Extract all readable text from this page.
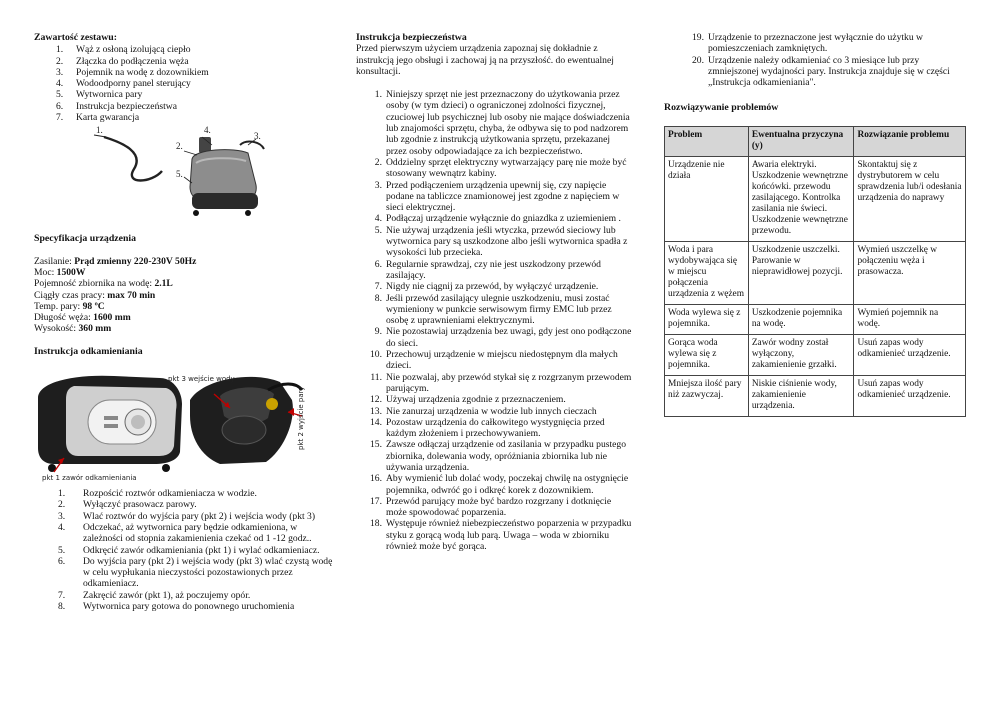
Zawartość zestawu:
1. Wąż z osłoną izolującą ciepło
2. Złączka do podłączenia węża
3. Pojemnik na wodę z dozownikiem
4. Wodoodporny panel sterujący
5. Wytwornica pary
6. Instrukcja bezpieczeństwa
7. Karta gwarancja
1.
2.
3.
4.
5.
Specyfikacja urządzenia

Zasilanie: Prąd zmienny 220-230V 50Hz

Moc: 1500W

Pojemność zbiornika na wodę: 2.1L

Ciągły czas pracy: max 70 min

Temp. pary: 98 ºC

Długość węża: 1600 mm

Wysokość: 360 mm

Instrukcja odkamieniania
pkt 3 wejście wody
pkt 2 wyjście pary
pkt 1 zawór odkamieniania
1. Rozpościć roztwór odkamieniacza w wodzie.
2. Wyłączyć prasowacz parowy.
3. Wlać roztwór do wyjścia pary (pkt 2) i wejścia wody (pkt 3)
4. Odczekać, aż wytwornica pary będzie odkamieniona, w zależności od stopnia zakamienienia czekać od 1 -12 godz..
5. Odkręcić zawór odkamieniania (pkt 1) i wylać odkamieniacz.
6. Do wyjścia pary (pkt 2) i wejścia wody (pkt 3) wlać czystą wodę w celu wypłukania nieczystości pozostawionych przez odkamieniacz.
7. Zakręcić zawór (pkt 1), aż poczujemy opór.
8. Wytwornica pary gotowa do ponownego uruchomienia
Instrukcja bezpieczeństwa

Przed pierwszym użyciem urządzenia zapoznaj się dokładnie z instrukcją jego obsługi i zachowaj ją na przyszłość. do ewentualnej konsultacji.

1. Niniejszy sprzęt nie jest przeznaczony do użytkowania przez osoby (w tym dzieci) o ograniczonej zdolności fizycznej, czuciowej lub psychicznej lub osoby nie mające doświadczenia lub znajomości sprzętu, chyba, że odbywa się to pod nadzorem lub zgodnie z instrukcją użytkowania sprzętu, przekazanej przez osoby odpowiadające za ich bezpieczeństwo.
2. Oddzielny sprzęt elektryczny wytwarzający parę nie może być stosowany wewnątrz kabiny.
3. Przed podłączeniem urządzenia upewnij się, czy napięcie podane na tabliczce znamionowej jest zgodne z napięciem w sieci elektrycznej.
4. Podłączaj urządzenie wyłącznie do gniazdka z uziemieniem .
5. Nie używaj urządzenia jeśli wtyczka, przewód sieciowy lub wytwornica pary są uszkodzone albo jeśli wytwornica spadła z wysokości lub przecieka.
6. Regularnie sprawdzaj, czy nie jest uszkodzony przewód zasilający.
7. Nigdy nie ciągnij za przewód, by wyłączyć urządzenie.
8. Jeśli przewód zasilający ulegnie uszkodzeniu, musi zostać wymieniony w punkcie serwisowym firmy EMC lub przez osobę z uprawnieniami elektrycznymi.
9. Nie pozostawiaj urządzenia bez uwagi, gdy jest ono podłączone do sieci.
10. Przechowuj urządzenie w miejscu niedostępnym dla małych dzieci.
11. Nie pozwalaj, aby przewód stykał się z rozgrzanym przewodem parującym.
12. Używaj urządzenia zgodnie z przeznaczeniem.
13. Nie zanurzaj urządzenia w wodzie lub innych cieczach
14. Pozostaw urządzenia do całkowitego wystygnięcia przed każdym złożeniem i przechowywaniem.
15. Zawsze odłączaj urządzenie od zasilania w przypadku pustego zbiornika, dolewania wody, opróżniania zbiornika lub nie używania urządzenia.
16. Aby wymienić lub dolać wody, poczekaj chwilę na ostygnięcie pojemnika, odwróć go i odkręć korek z dozownikiem.
17. Przewód parujący może być bardzo rozgrzany i dotknięcie może spowodować poparzenia.
18. Występuje również niebezpieczeństwo poparzenia w przypadku styku z gorącą wodą lub parą. Uwaga – woda w zbiorniku również może być gorąca.
19. Urządzenie to przeznaczone jest wyłącznie do użytku w pomieszczeniach zamkniętych.
20. Urządzenie należy odkamieniać co 3 miesiące lub przy zmniejszonej wydajności pary. Instrukcja znajduje się w części „Instrukcja odkamieniania".
Rozwiązywanie problemów
Problem	Ewentualna przyczyna (y)	Rozwiązanie problemu
Urządzenie nie działa	Awaria elektryki. Uszkodzenie wewnętrzne końcówki. przewodu zasilającego. Kontrolka zasilania nie świeci. Uszkodzenie wewnętrzne przewodu.	Skontaktuj się z dystrybutorem w celu sprawdzenia lub/i odesłania urządzenia do naprawy
Woda i para wydobywająca się w miejscu połączenia urządzenia z wężem	Uszkodzenie uszczelki. Parowanie w nieprawidłowej pozycji.	Wymień uszczelkę w połączeniu węża i prasowacza.
Woda wylewa się z pojemnika.	Uszkodzenie pojemnika na wodę.	Wymień pojemnik na wodę.
Gorąca woda wylewa się z pojemnika.	Zawór wodny został wyłączony, zakamienienie grzałki.	Usuń zapas wody odkamienieć urządzenie.
Mniejsza ilość pary niż zazwyczaj.	Niskie ciśnienie wody, zakamienienie urządzenia.	Usuń zapas wody odkamienieć urządzenie.
